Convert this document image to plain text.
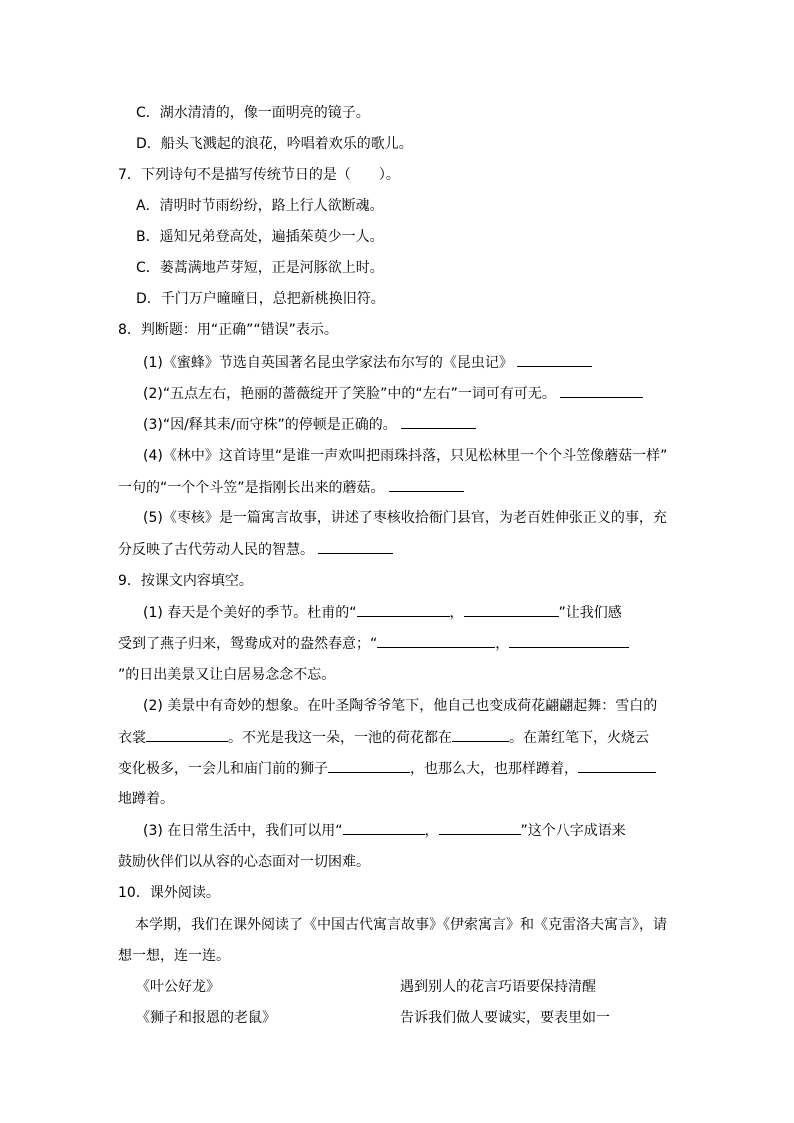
C．湖水清清的，像一面明亮的镜子。
D．船头飞溅起的浪花，吟唱着欢乐的歌儿。
7．下列诗句不是描写传统节日的是（　　）。
A．清明时节雨纷纷，路上行人欲断魂。
B．遥知兄弟登高处，遍插茱萸少一人。
C．蒌蒿满地芦芽短，正是河豚欲上时。
D．千门万户曈曈日，总把新桃换旧符。
8．判断题：用“正确”“错误”表示。
(1)《蜜蜂》节选自英国著名昆虫学家法布尔写的《昆虫记》
(2)“五点左右，艳丽的蔷薇绽开了笑脸”中的“左右”一词可有可无。
(3)“因/释其耒/而守株”的停顿是正确的。
(4)《林中》这首诗里“是谁一声欢叫把雨珠抖落，只见松林里一个个斗笠像蘑菇一样”
一句的“一个个斗笠”是指刚长出来的蘑菇。
(5)《枣核》是一篇寓言故事，讲述了枣核收拾衙门县官，为老百姓伸张正义的事，充
分反映了古代劳动人民的智慧。
9．按课文内容填空。
(1) 春天是个美好的季节。杜甫的“	，	”让我们感
受到了燕子归来，鸳鸯成对的盎然春意；“	，
”的日出美景又让白居易念念不忘。
(2) 美景中有奇妙的想象。在叶圣陶爷爷笔下，他自己也变成荷花翩翩起舞：雪白的
衣裳	。不光是我这一朵，一池的荷花都在	。在萧红笔下，火烧云
变化极多，一会儿和庙门前的狮子	，也那么大，也那样蹲着，
地蹲着。
(3) 在日常生活中，我们可以用“	，	”这个八字成语来
鼓励伙伴们以从容的心态面对一切困难。
10．课外阅读。
本学期，我们在课外阅读了《中国古代寓言故事》《伊索寓言》和《克雷洛夫寓言》，请
想一想，连一连。
《叶公好龙》	遇到别人的花言巧语要保持清醒
《狮子和报恩的老鼠》	告诉我们做人要诚实，要表里如一
